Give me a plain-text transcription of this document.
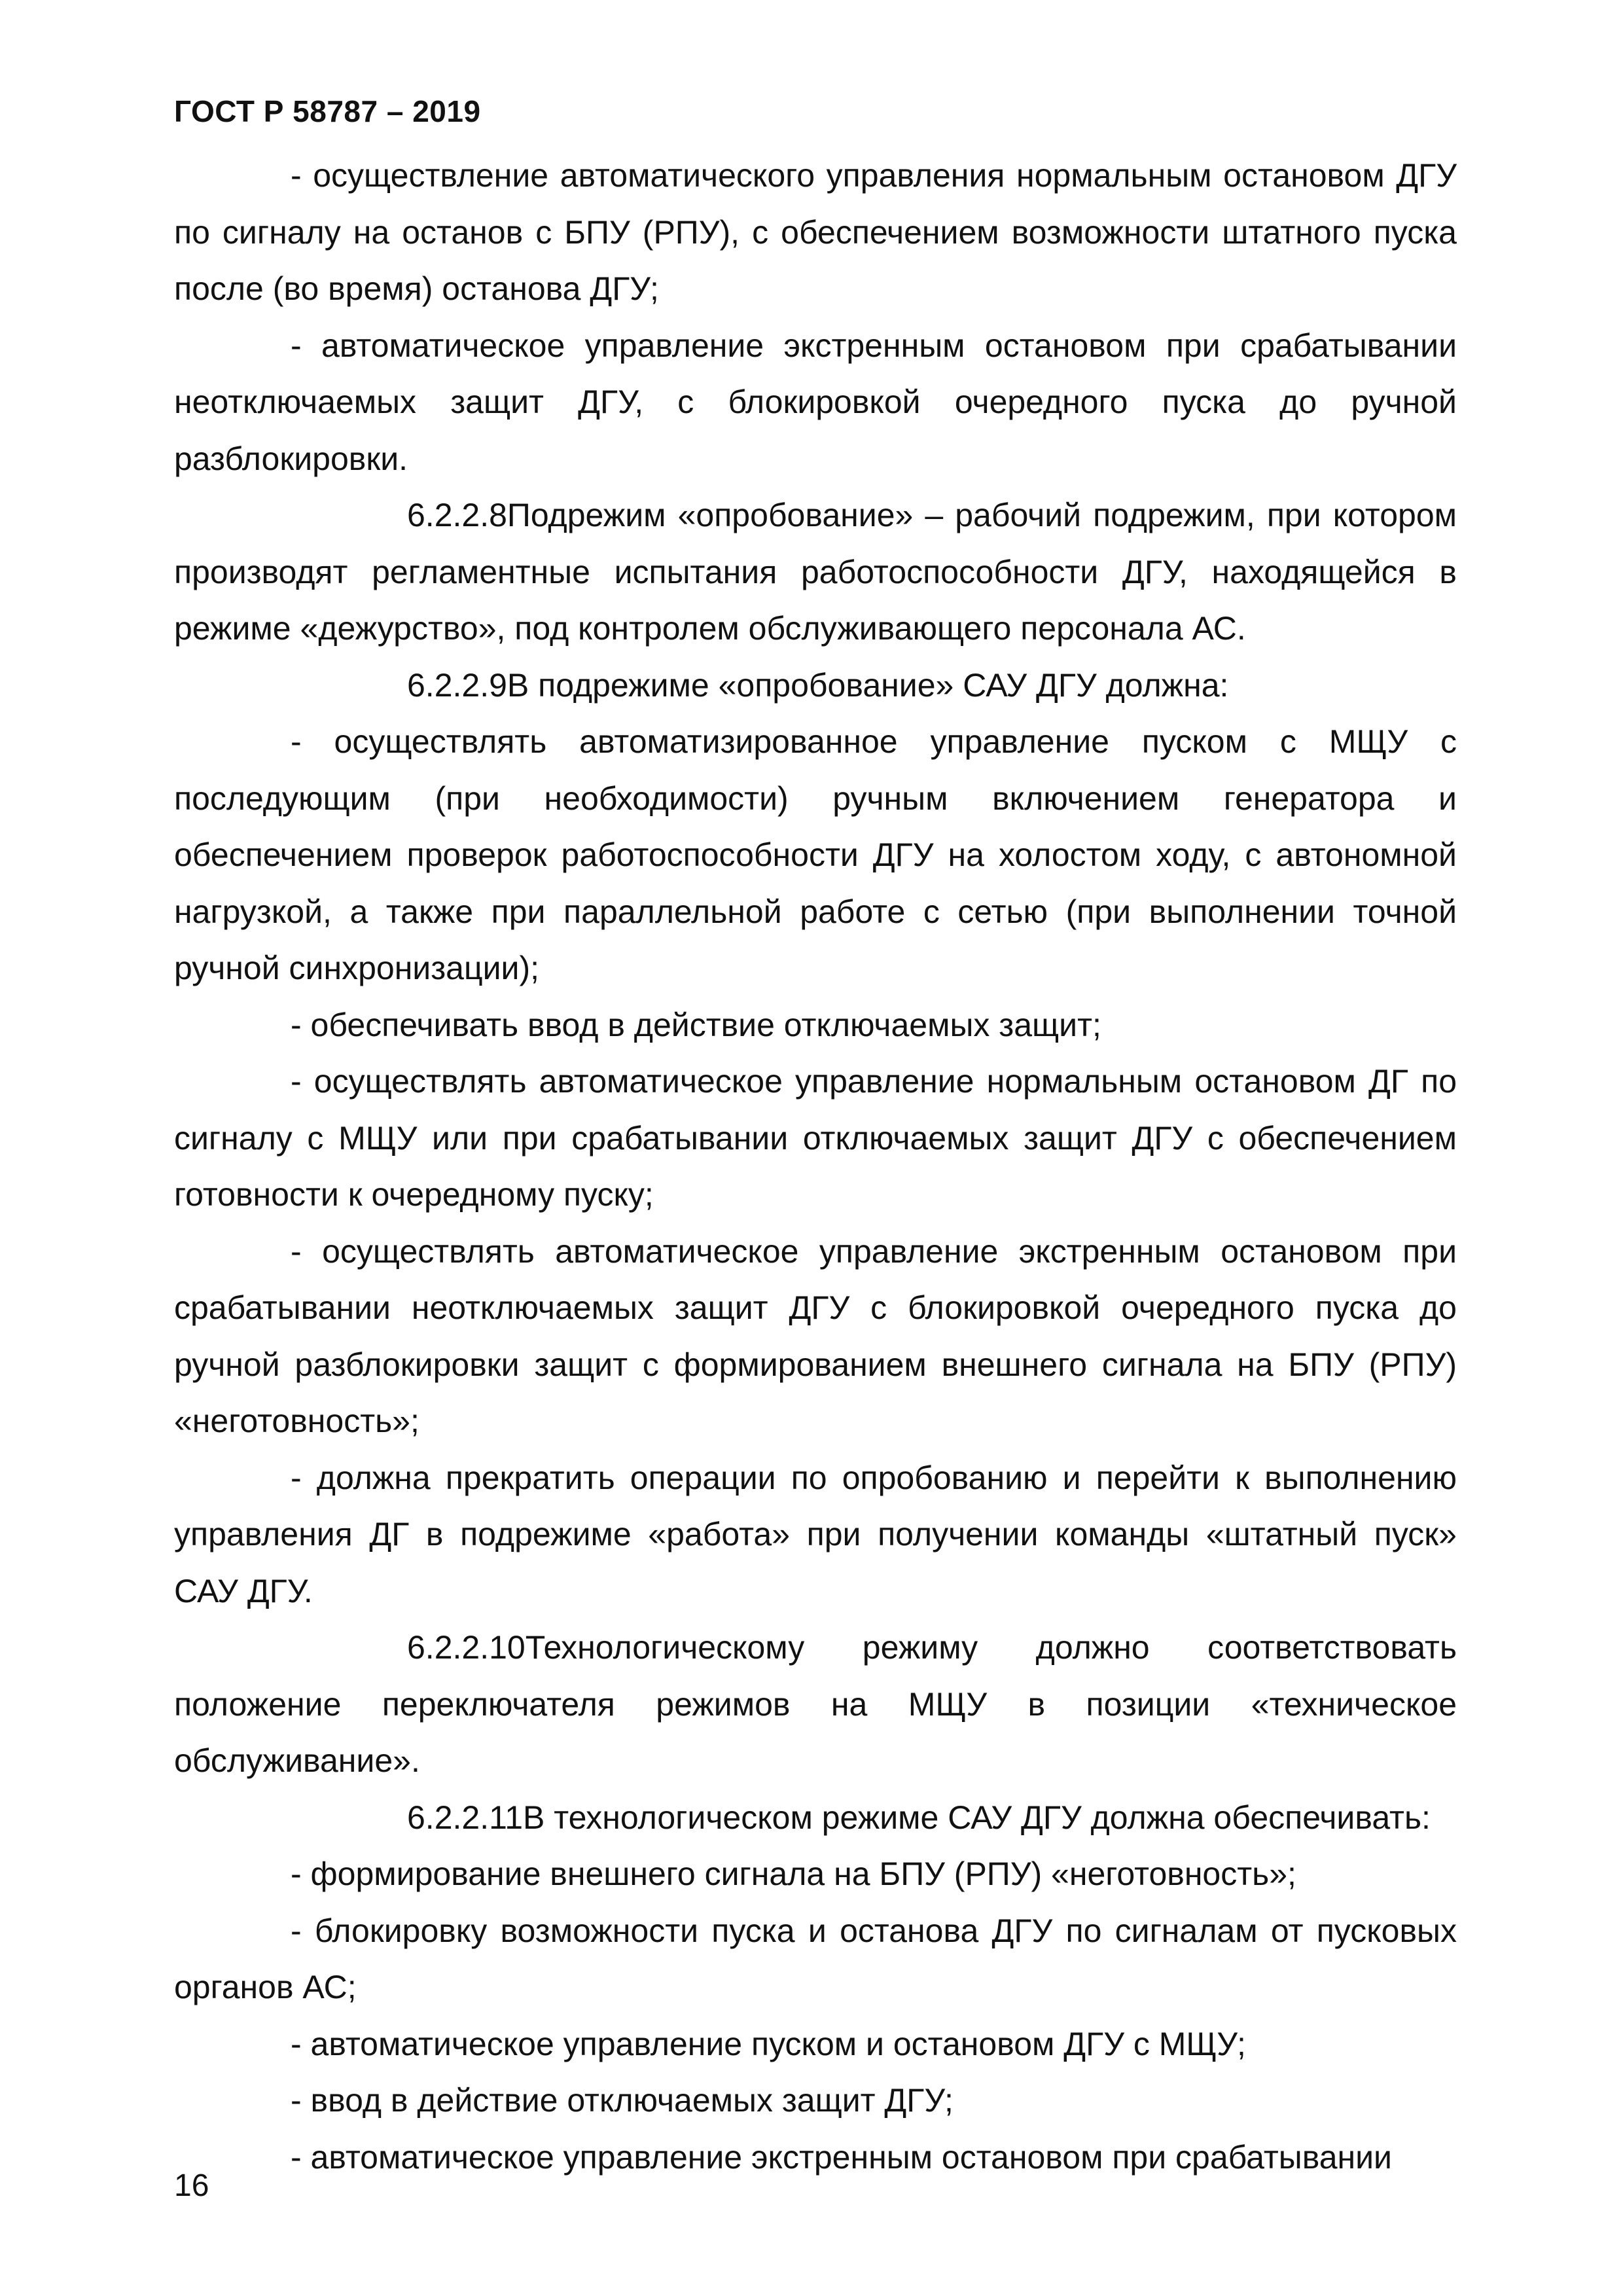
ГОСТ Р 58787 – 2019

- осуществление автоматического управления нормальным остановом ДГУ по сигналу на останов с БПУ (РПУ), с обеспечением возможности штатного пуска после (во время) останова ДГУ;

- автоматическое управление экстренным остановом при срабатывании неотключаемых защит ДГУ, с блокировкой очередного пуска до ручной разблокировки.

6.2.2.8Подрежим «опробование» – рабочий подрежим, при котором производят регламентные испытания работоспособности ДГУ, находящейся в режиме «дежурство», под контролем обслуживающего персонала АС.

6.2.2.9В подрежиме «опробование» САУ ДГУ должна:

- осуществлять автоматизированное управление пуском с МЩУ с последующим (при необходимости) ручным включением генератора и обеспечением проверок работоспособности ДГУ на холостом ходу, с автономной нагрузкой, а также при параллельной работе с сетью (при выполнении точной ручной синхронизации);

- обеспечивать ввод в действие отключаемых защит;

- осуществлять автоматическое управление нормальным остановом ДГ по сигналу с МЩУ или при срабатывании отключаемых защит ДГУ с обеспечением готовности к очередному пуску;

- осуществлять автоматическое управление экстренным остановом при срабатывании неотключаемых защит ДГУ с блокировкой очередного пуска до ручной разблокировки защит с формированием внешнего сигнала на БПУ (РПУ) «неготовность»;

- должна прекратить операции по опробованию и перейти к выполнению управления ДГ в подрежиме «работа» при получении команды «штатный пуск» САУ ДГУ.

6.2.2.10Технологическому режиму должно соответствовать положение переключателя режимов на МЩУ в позиции «техническое обслуживание».

6.2.2.11В технологическом режиме САУ ДГУ должна обеспечивать:

- формирование внешнего сигнала на БПУ (РПУ) «неготовность»;

- блокировку возможности пуска и останова ДГУ по сигналам от пусковых органов АС;

- автоматическое управление пуском и остановом ДГУ с МЩУ;

- ввод в действие отключаемых защит ДГУ;

- автоматическое управление экстренным остановом при срабатывании

16
